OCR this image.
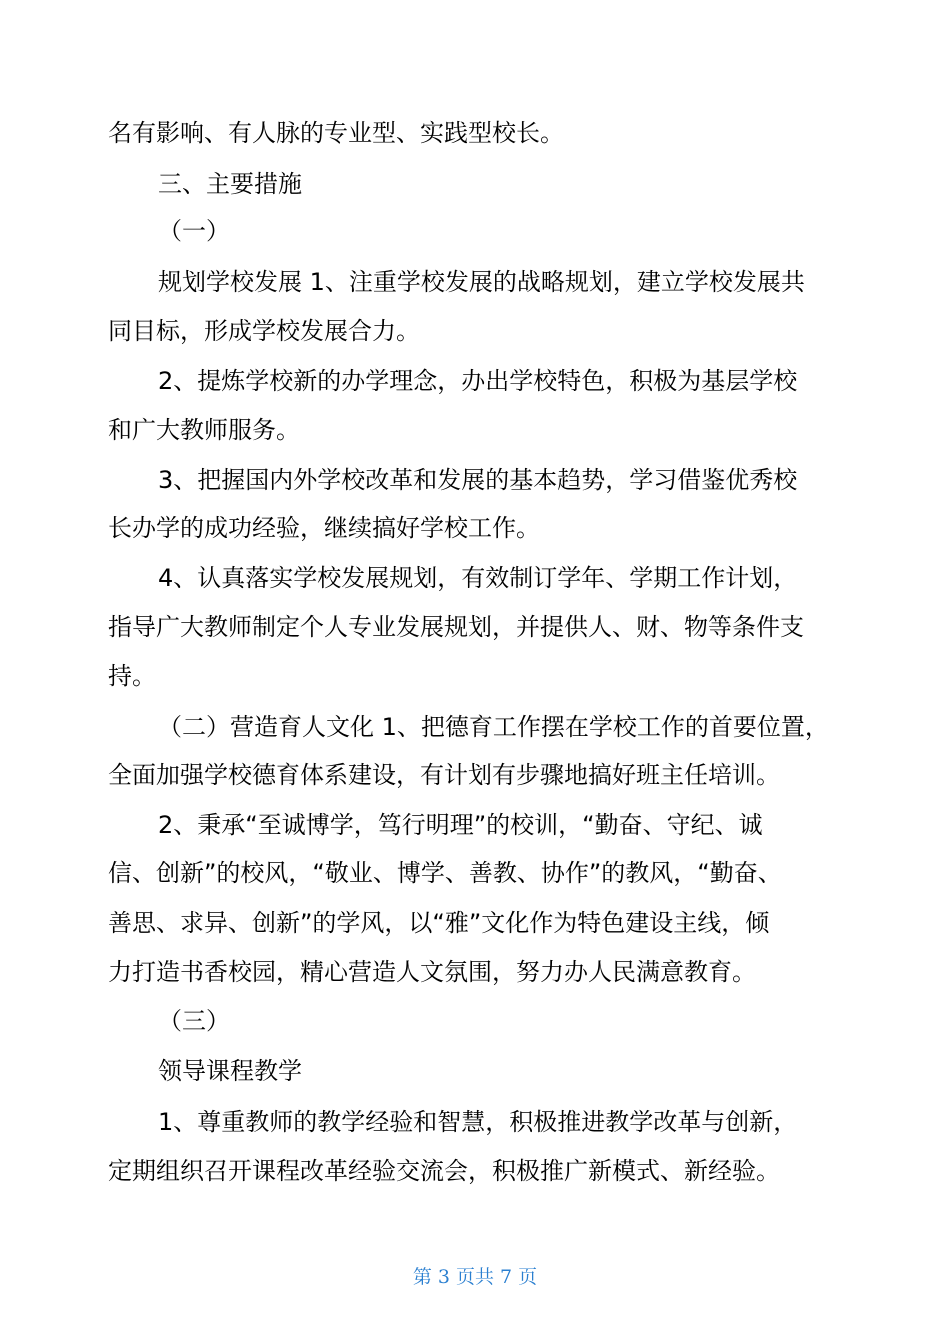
名有影响、有人脉的专业型、实践型校长。
三、主要措施
（一）
规划学校发展 1、注重学校发展的战略规划，建立学校发展共
同目标，形成学校发展合力。
2、提炼学校新的办学理念，办出学校特色，积极为基层学校
和广大教师服务。
3、把握国内外学校改革和发展的基本趋势，学习借鉴优秀校
长办学的成功经验，继续搞好学校工作。
4、认真落实学校发展规划，有效制订学年、学期工作计划，
指导广大教师制定个人专业发展规划，并提供人、财、物等条件支
持。
（二）营造育人文化 1、把德育工作摆在学校工作的首要位置，
全面加强学校德育体系建设，有计划有步骤地搞好班主任培训。
2、秉承“至诚博学，笃行明理”的校训，“勤奋、守纪、诚
信、创新”的校风，“敬业、博学、善教、协作”的教风，“勤奋、
善思、求异、创新”的学风，以“雅”文化作为特色建设主线，倾
力打造书香校园，精心营造人文氛围，努力办人民满意教育。
（三）
领导课程教学
1、尊重教师的教学经验和智慧，积极推进教学改革与创新，
定期组织召开课程改革经验交流会，积极推广新模式、新经验。
第 3 页共 7 页
